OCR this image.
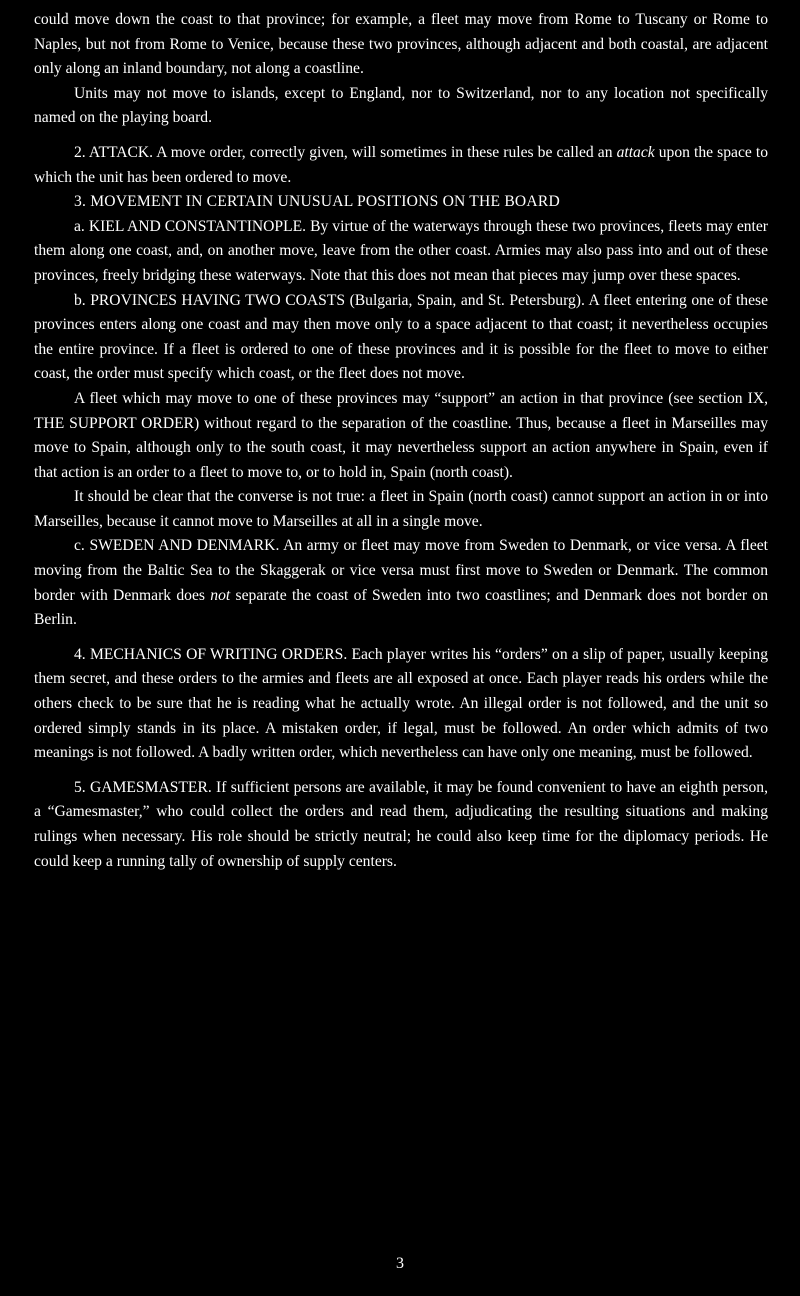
could move down the coast to that province; for example, a fleet may move from Rome to Tuscany or Rome to Naples, but not from Rome to Venice, because these two provinces, although adjacent and both coastal, are adjacent only along an inland boundary, not along a coastline.

Units may not move to islands, except to England, nor to Switzerland, nor to any location not specifically named on the playing board.

2. ATTACK. A move order, correctly given, will sometimes in these rules be called an attack upon the space to which the unit has been ordered to move.

3. MOVEMENT IN CERTAIN UNUSUAL POSITIONS ON THE BOARD

a. KIEL AND CONSTANTINOPLE. By virtue of the waterways through these two provinces, fleets may enter them along one coast, and, on another move, leave from the other coast. Armies may also pass into and out of these provinces, freely bridging these waterways. Note that this does not mean that pieces may jump over these spaces.

b. PROVINCES HAVING TWO COASTS (Bulgaria, Spain, and St. Petersburg). A fleet entering one of these provinces enters along one coast and may then move only to a space adjacent to that coast; it nevertheless occupies the entire province. If a fleet is ordered to one of these provinces and it is possible for the fleet to move to either coast, the order must specify which coast, or the fleet does not move.

A fleet which may move to one of these provinces may “support” an action in that province (see section IX, THE SUPPORT ORDER) without regard to the separation of the coastline. Thus, because a fleet in Marseilles may move to Spain, although only to the south coast, it may nevertheless support an action anywhere in Spain, even if that action is an order to a fleet to move to, or to hold in, Spain (north coast).

It should be clear that the converse is not true: a fleet in Spain (north coast) cannot support an action in or into Marseilles, because it cannot move to Marseilles at all in a single move.

c. SWEDEN AND DENMARK. An army or fleet may move from Sweden to Denmark, or vice versa. A fleet moving from the Baltic Sea to the Skaggerak or vice versa must first move to Sweden or Denmark. The common border with Denmark does not separate the coast of Sweden into two coastlines; and Denmark does not border on Berlin.

4. MECHANICS OF WRITING ORDERS. Each player writes his “orders” on a slip of paper, usually keeping them secret, and these orders to the armies and fleets are all exposed at once. Each player reads his orders while the others check to be sure that he is reading what he actually wrote. An illegal order is not followed, and the unit so ordered simply stands in its place. A mistaken order, if legal, must be followed. An order which admits of two meanings is not followed. A badly written order, which nevertheless can have only one meaning, must be followed.

5. GAMESMASTER. If sufficient persons are available, it may be found convenient to have an eighth person, a “Gamesmaster,” who could collect the orders and read them, adjudicating the resulting situations and making rulings when necessary. His role should be strictly neutral; he could also keep time for the diplomacy periods. He could keep a running tally of ownership of supply centers.

3
